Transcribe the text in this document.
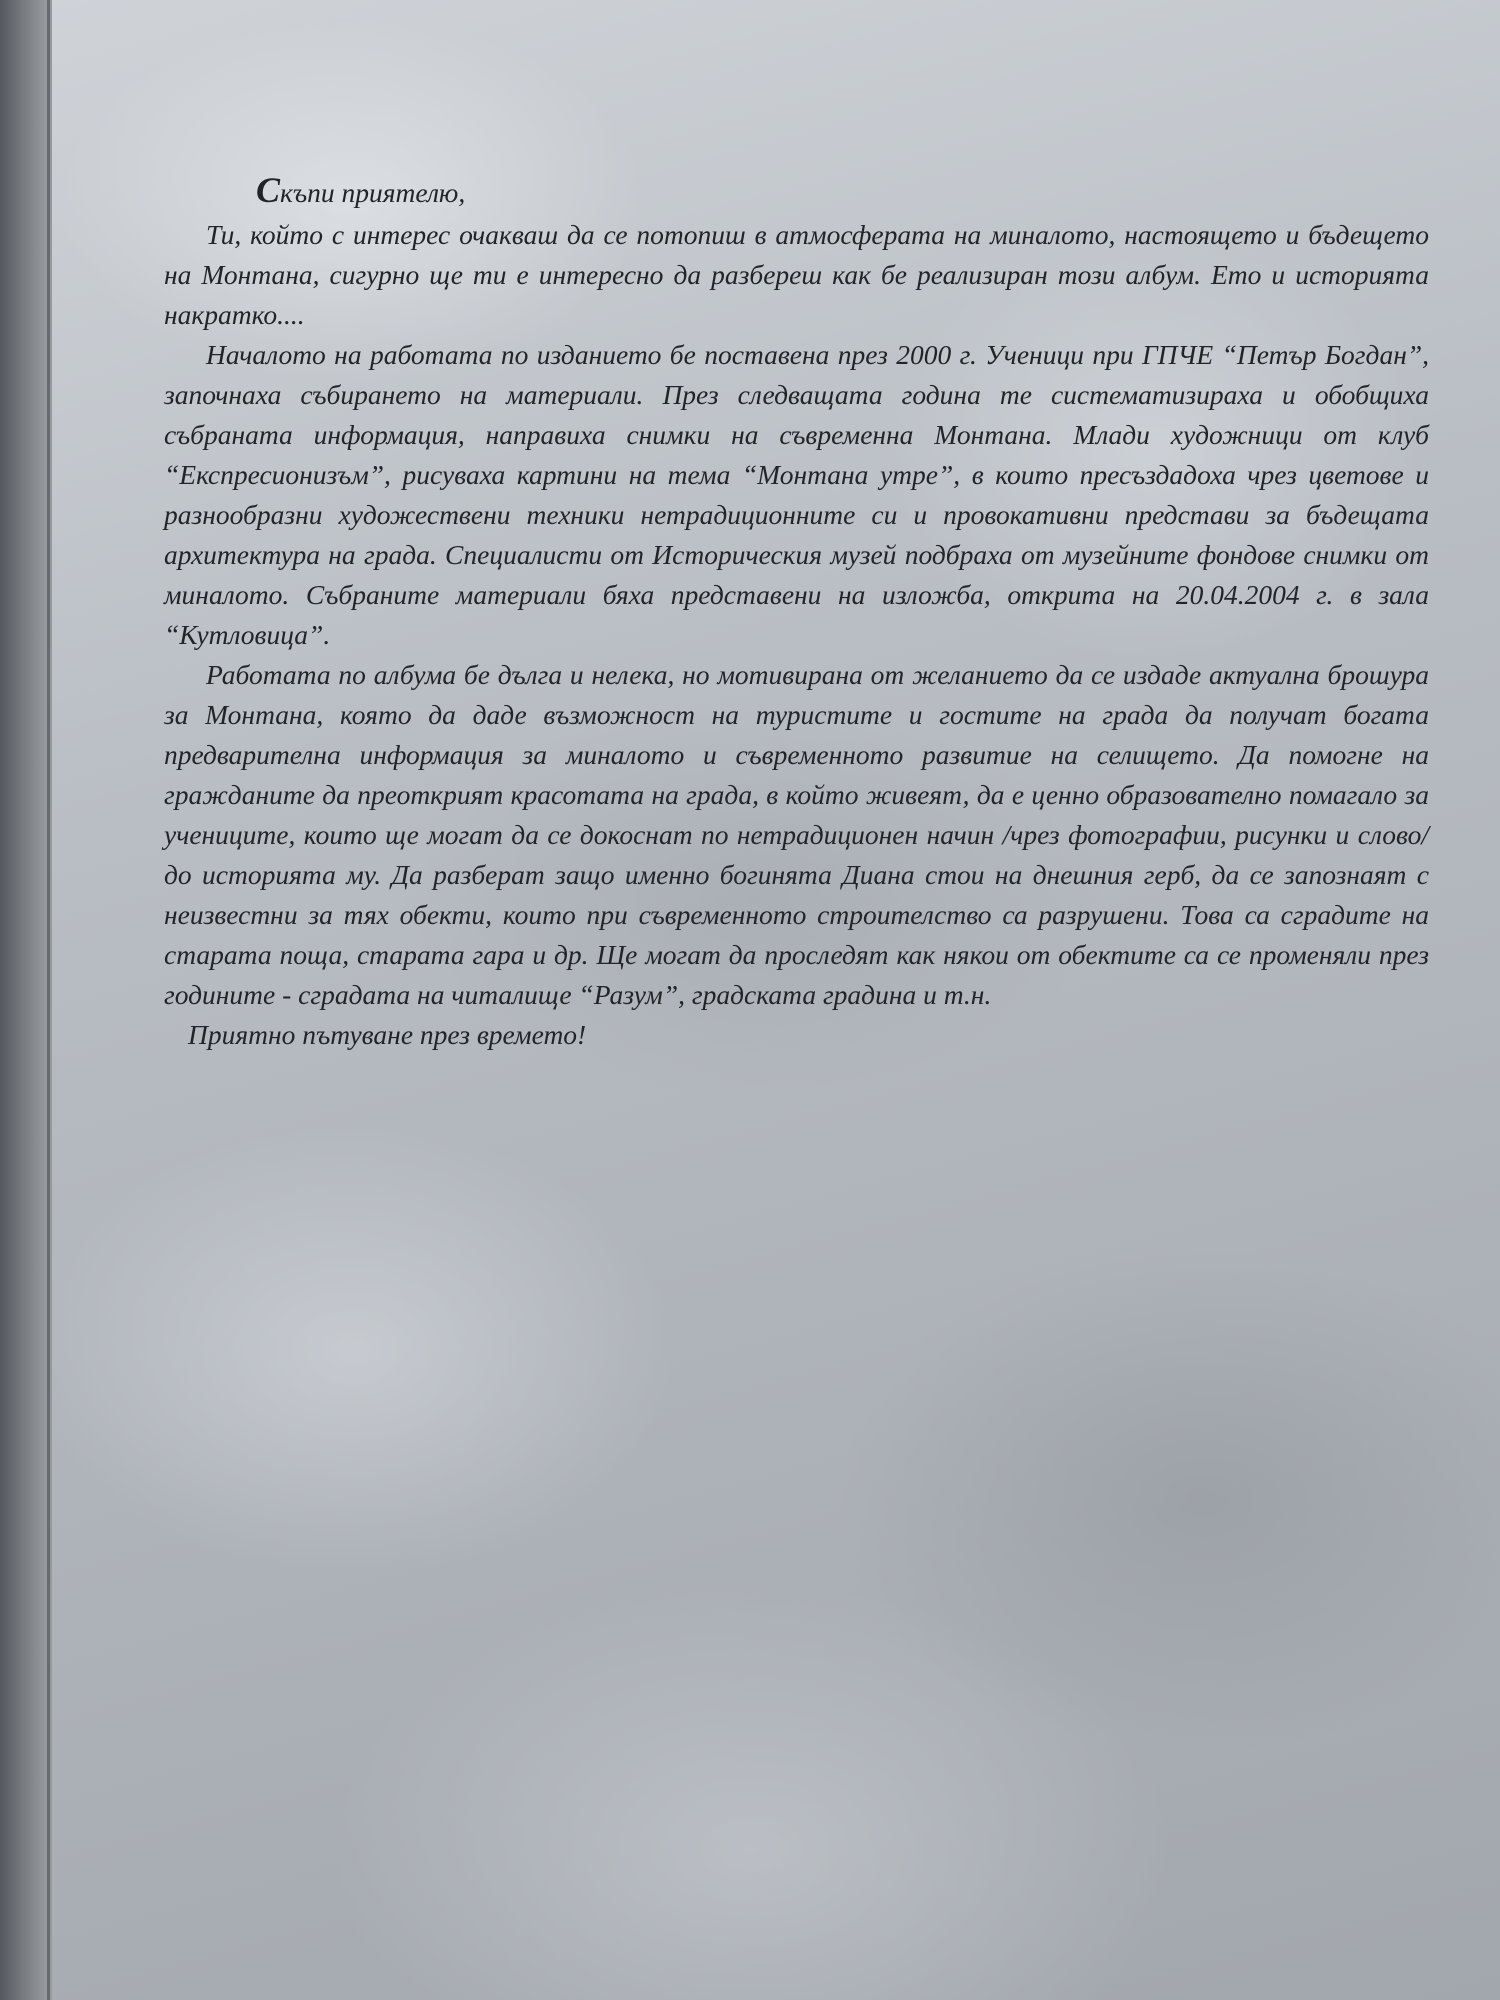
Скъпи приятелю,

Ти, който с интерес очакваш да се потопиш в атмосферата на миналото, настоящето и бъдещето на Монтана, сигурно ще ти е интересно да разбереш как бе реализиран този албум. Ето и историята накратко....

Началото на работата по изданието бе поставена през 2000 г. Ученици при ГПЧЕ “Петър Богдан”, започнаха събирането на материали. През следващата година те систематизираха и обобщиха събраната информация, направиха снимки на съвременна Монтана. Млади художници от клуб “Експресионизъм”, рисуваха картини на тема “Монтана утре”, в които пресъздадоха чрез цветове и разнообразни художествени техники нетрадиционните си и провокативни представи за бъдещата архитектура на града. Специалисти от Историческия музей подбраха от музейните фондове снимки от миналото. Събраните материали бяха представени на изложба, открита на 20.04.2004 г. в зала “Кутловица”.

Работата по албума бе дълга и нелека, но мотивирана от желанието да се издаде актуална брошура за Монтана, която да даде възможност на туристите и гостите на града да получат богата предварителна информация за миналото и съвременното развитие на селището. Да помогне на гражданите да преоткрият красотата на града, в който живеят, да е ценно образователно помагало за учениците, които ще могат да се докоснат по нетрадиционен начин /чрез фотографии, рисунки и слово/ до историята му. Да разберат защо именно богинята Диана стои на днешния герб, да се запознаят с неизвестни за тях обекти, които при съвременното строителство са разрушени. Това са сградите на старата поща, старата гара и др. Ще могат да проследят как някои от обектите са се променяли през годините - сградата на читалище “Разум”, градската градина и т.н.

Приятно пътуване през времето!
